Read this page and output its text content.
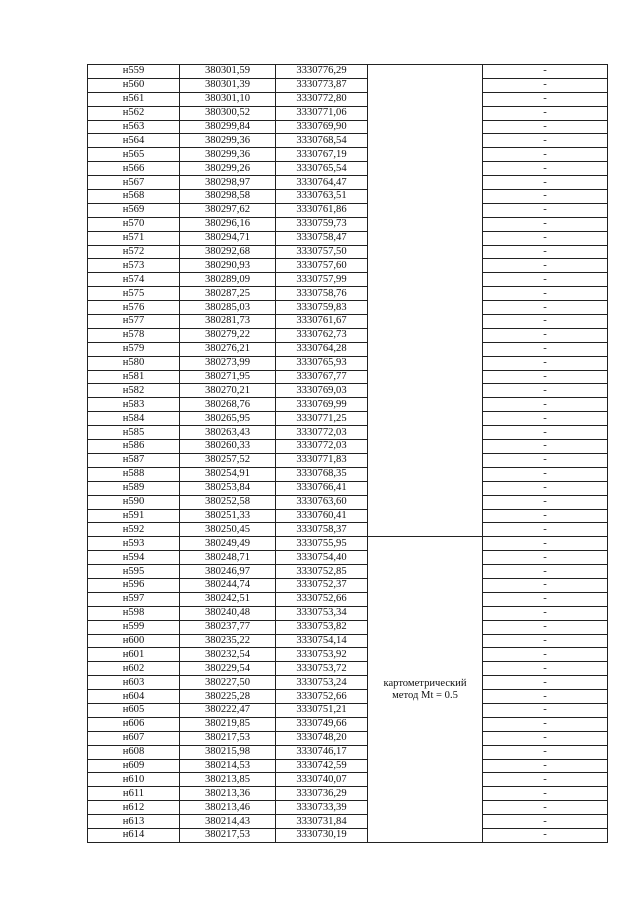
н559	380301,59	3330776,29		-
н560	380301,39	3330773,87		-
н561	380301,10	3330772,80		-
н562	380300,52	3330771,06		-
н563	380299,84	3330769,90		-
н564	380299,36	3330768,54		-
н565	380299,36	3330767,19		-
н566	380299,26	3330765,54		-
н567	380298,97	3330764,47		-
н568	380298,58	3330763,51		-
н569	380297,62	3330761,86		-
н570	380296,16	3330759,73		-
н571	380294,71	3330758,47		-
н572	380292,68	3330757,50		-
н573	380290,93	3330757,60		-
н574	380289,09	3330757,99		-
н575	380287,25	3330758,76		-
н576	380285,03	3330759,83		-
н577	380281,73	3330761,67		-
н578	380279,22	3330762,73		-
н579	380276,21	3330764,28		-
н580	380273,99	3330765,93		-
н581	380271,95	3330767,77		-
н582	380270,21	3330769,03		-
н583	380268,76	3330769,99		-
н584	380265,95	3330771,25		-
н585	380263,43	3330772,03		-
н586	380260,33	3330772,03		-
н587	380257,52	3330771,83		-
н588	380254,91	3330768,35		-
н589	380253,84	3330766,41		-
н590	380252,58	3330763,60		-
н591	380251,33	3330760,41		-
н592	380250,45	3330758,37		-
н593	380249,49	3330755,95	картометрический
метод Mt = 0.5	-
н594	380248,71	3330754,40		-
н595	380246,97	3330752,85		-
н596	380244,74	3330752,37		-
н597	380242,51	3330752,66		-
н598	380240,48	3330753,34		-
н599	380237,77	3330753,82		-
н600	380235,22	3330754,14		-
н601	380232,54	3330753,92		-
н602	380229,54	3330753,72		-
н603	380227,50	3330753,24		-
н604	380225,28	3330752,66		-
н605	380222,47	3330751,21		-
н606	380219,85	3330749,66		-
н607	380217,53	3330748,20		-
н608	380215,98	3330746,17		-
н609	380214,53	3330742,59		-
н610	380213,85	3330740,07		-
н611	380213,36	3330736,29		-
н612	380213,46	3330733,39		-
н613	380214,43	3330731,84		-
н614	380217,53	3330730,19		-
